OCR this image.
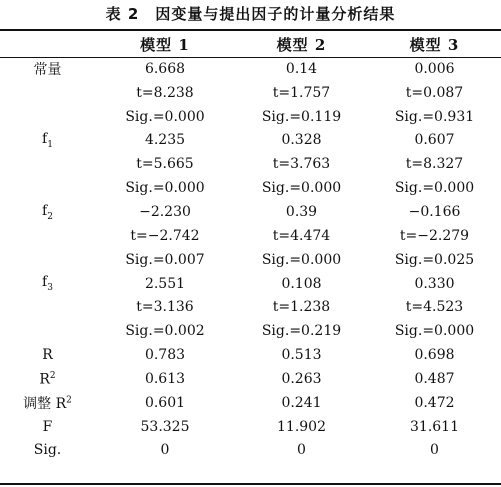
表 2　因变量与提出因子的计量分析结果
	模型 1	模型 2	模型 3
常量	6.668	0.14	0.006
	t=8.238	t=1.757	t=0.087
	Sig.=0.000	Sig.=0.119	Sig.=0.931
$f_1$	4.235	0.328	0.607
	t=5.665	t=3.763	t=8.327
	Sig.=0.000	Sig.=0.000	Sig.=0.000
$f_2$	−2.230	0.39	−0.166
	t=−2.742	t=4.474	t=−2.279
	Sig.=0.007	Sig.=0.000	Sig.=0.025
$f_3$	2.551	0.108	0.330
	t=3.136	t=1.238	t=4.523
	Sig.=0.002	Sig.=0.219	Sig.=0.000
R	0.783	0.513	0.698
$R^2$	0.613	0.263	0.487
调整 $R^2$	0.601	0.241	0.472
F	53.325	11.902	31.611
Sig.	0	0	0
